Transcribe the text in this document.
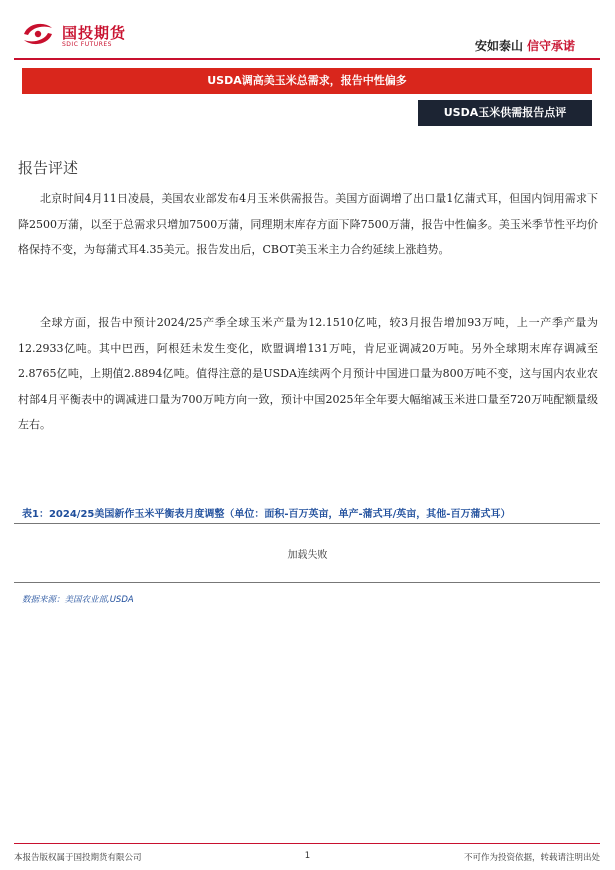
国投期货
SDIC FUTURES	安如泰山 信守承诺
USDA调高美玉米总需求，报告中性偏多
USDA玉米供需报告点评
报告评述

北京时间4月11日凌晨，美国农业部发布4月玉米供需报告。美国方面调增了出口量1亿蒲式耳，但国内饲用需求下降2500万蒲，以至于总需求只增加7500万蒲，同理期末库存方面下降7500万蒲，报告中性偏多。美玉米季节性平均价格保持不变，为每蒲式耳4.35美元。报告发出后，CBOT美玉米主力合约延续上涨趋势。

全球方面，报告中预计2024/25产季全球玉米产量为12.1510亿吨，较3月报告增加93万吨，上一产季产量为12.2933亿吨。其中巴西，阿根廷未发生变化，欧盟调增131万吨，肯尼亚调减20万吨。另外全球期末库存调减至2.8765亿吨，上期值2.8894亿吨。值得注意的是USDA连续两个月预计中国进口量为800万吨不变，这与国内农业农村部4月平衡表中的调减进口量为700万吨方向一致，预计中国2025年全年要大幅缩减玉米进口量至720万吨配额量级左右。

表1：2024/25美国新作玉米平衡表月度调整（单位：面积-百万英亩，单产-蒲式耳/英亩，其他-百万蒲式耳）
加载失败
数据来源：美国农业部,USDA
本报告版权属于国投期货有限公司	1	不可作为投资依据，转载请注明出处
